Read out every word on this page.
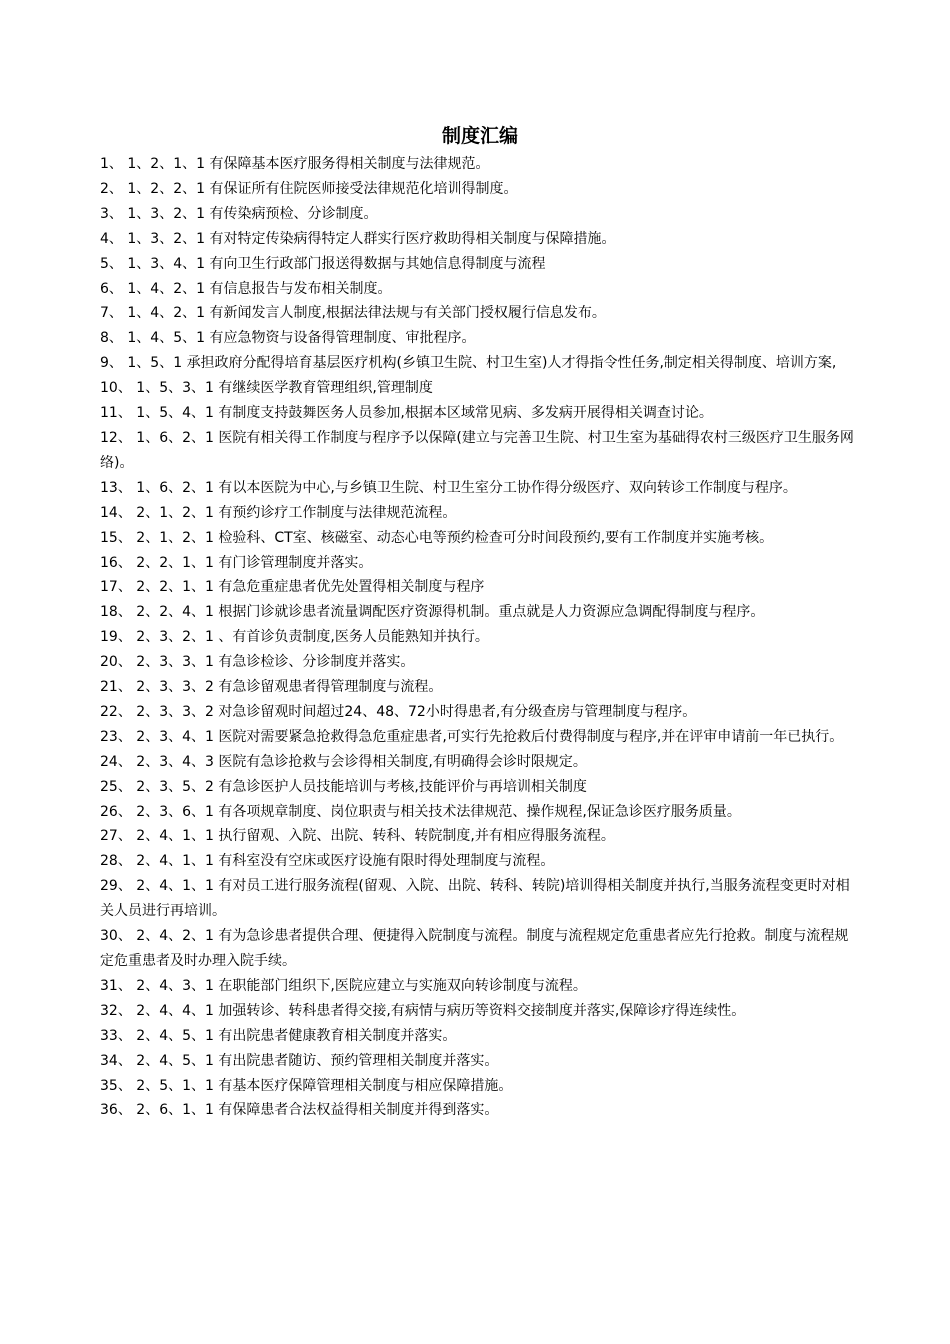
制度汇编
1、 1、2、1、1 有保障基本医疗服务得相关制度与法律规范。
2、 1、2、2、1 有保证所有住院医师接受法律规范化培训得制度。
3、 1、3、2、1 有传染病预检、分诊制度。
4、 1、3、2、1 有对特定传染病得特定人群实行医疗救助得相关制度与保障措施。
5、 1、3、4、1 有向卫生行政部门报送得数据与其她信息得制度与流程
6、 1、4、2、1 有信息报告与发布相关制度。
7、 1、4、2、1 有新闻发言人制度,根据法律法规与有关部门授权履行信息发布。
8、 1、4、5、1 有应急物资与设备得管理制度、审批程序。
9、 1、5、1 承担政府分配得培育基层医疗机构(乡镇卫生院、村卫生室)人才得指令性任务,制定相关得制度、培训方案,
10、 1、5、3、1 有继续医学教育管理组织,管理制度
11、 1、5、4、1 有制度支持鼓舞医务人员参加,根据本区域常见病、多发病开展得相关调查讨论。
12、 1、6、2、1 医院有相关得工作制度与程序予以保障(建立与完善卫生院、村卫生室为基础得农村三级医疗卫生服务网络)。
13、 1、6、2、1 有以本医院为中心,与乡镇卫生院、村卫生室分工协作得分级医疗、双向转诊工作制度与程序。
14、 2、1、2、1 有预约诊疗工作制度与法律规范流程。
15、 2、1、2、1 检验科、CT室、核磁室、动态心电等预约检查可分时间段预约,要有工作制度并实施考核。
16、 2、2、1、1 有门诊管理制度并落实。
17、 2、2、1、1 有急危重症患者优先处置得相关制度与程序
18、 2、2、4、1 根据门诊就诊患者流量调配医疗资源得机制。重点就是人力资源应急调配得制度与程序。
19、 2、3、2、1 、有首诊负责制度,医务人员能熟知并执行。
20、 2、3、3、1 有急诊检诊、分诊制度并落实。
21、 2、3、3、2 有急诊留观患者得管理制度与流程。
22、 2、3、3、2 对急诊留观时间超过24、48、72小时得患者,有分级查房与管理制度与程序。
23、 2、3、4、1 医院对需要紧急抢救得急危重症患者,可实行先抢救后付费得制度与程序,并在评审申请前一年已执行。
24、 2、3、4、3 医院有急诊抢救与会诊得相关制度,有明确得会诊时限规定。
25、 2、3、5、2 有急诊医护人员技能培训与考核,技能评价与再培训相关制度
26、 2、3、6、1 有各项规章制度、岗位职责与相关技术法律规范、操作规程,保证急诊医疗服务质量。
27、 2、4、1、1 执行留观、入院、出院、转科、转院制度,并有相应得服务流程。
28、 2、4、1、1 有科室没有空床或医疗设施有限时得处理制度与流程。
29、 2、4、1、1 有对员工进行服务流程(留观、入院、出院、转科、转院)培训得相关制度并执行,当服务流程变更时对相关人员进行再培训。
30、 2、4、2、1 有为急诊患者提供合理、便捷得入院制度与流程。制度与流程规定危重患者应先行抢救。制度与流程规定危重患者及时办理入院手续。
31、 2、4、3、1 在职能部门组织下,医院应建立与实施双向转诊制度与流程。
32、 2、4、4、1 加强转诊、转科患者得交接,有病情与病历等资料交接制度并落实,保障诊疗得连续性。
33、 2、4、5、1 有出院患者健康教育相关制度并落实。
34、 2、4、5、1 有出院患者随访、预约管理相关制度并落实。
35、 2、5、1、1 有基本医疗保障管理相关制度与相应保障措施。
36、 2、6、1、1 有保障患者合法权益得相关制度并得到落实。
